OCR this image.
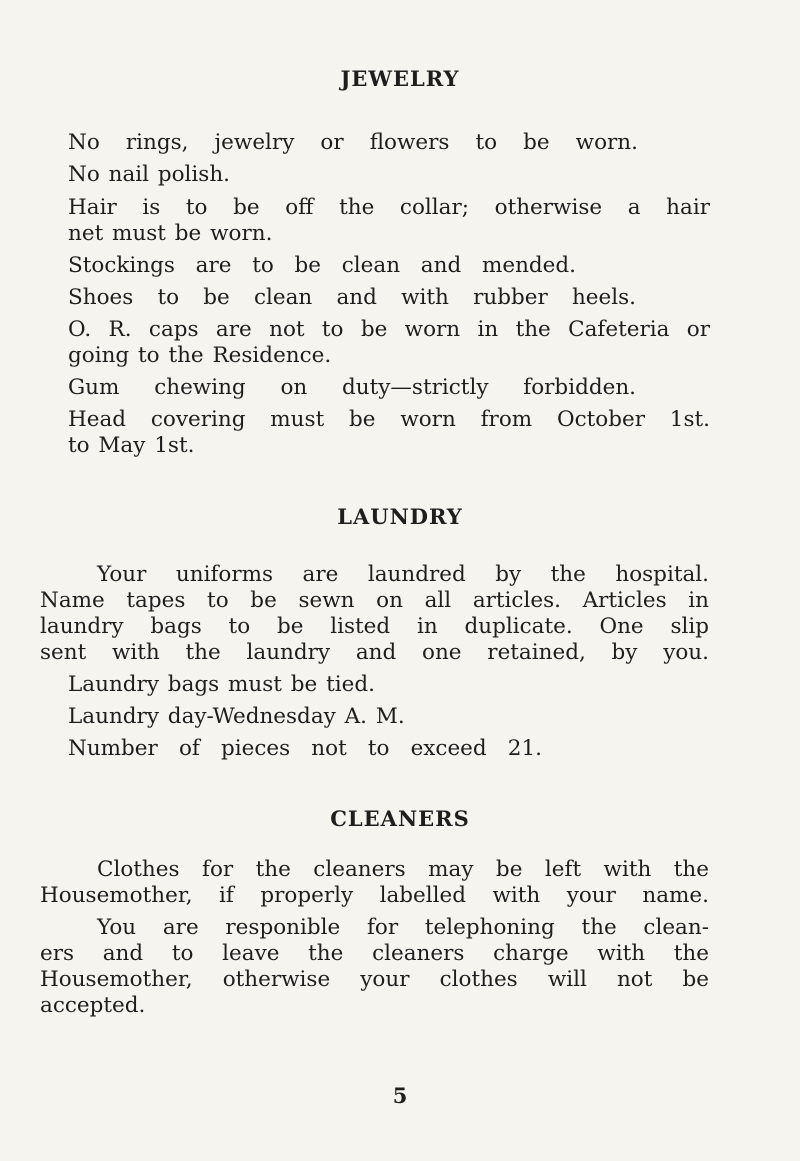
JEWELRY

No rings, jewelry or flowers to be worn.

No nail polish.

Hair is to be off the collar; otherwise a hair

net must be worn.

Stockings are to be clean and mended.

Shoes to be clean and with rubber heels.

O. R. caps are not to be worn in the Cafeteria or

going to the Residence.

Gum chewing on duty—strictly forbidden.

Head covering must be worn from October 1st.

to May 1st.

LAUNDRY

Your uniforms are laundred by the hospital.

Name tapes to be sewn on all articles. Articles in

laundry bags to be listed in duplicate. One slip

sent with the laundry and one retained, by you.

Laundry bags must be tied.

Laundry day-Wednesday A. M.

Number of pieces not to exceed 21.

CLEANERS

Clothes for the cleaners may be left with the

Housemother, if properly labelled with your name.

You are responible for telephoning the clean-

ers and to leave the cleaners charge with the

Housemother, otherwise your clothes will not be

accepted.

5
